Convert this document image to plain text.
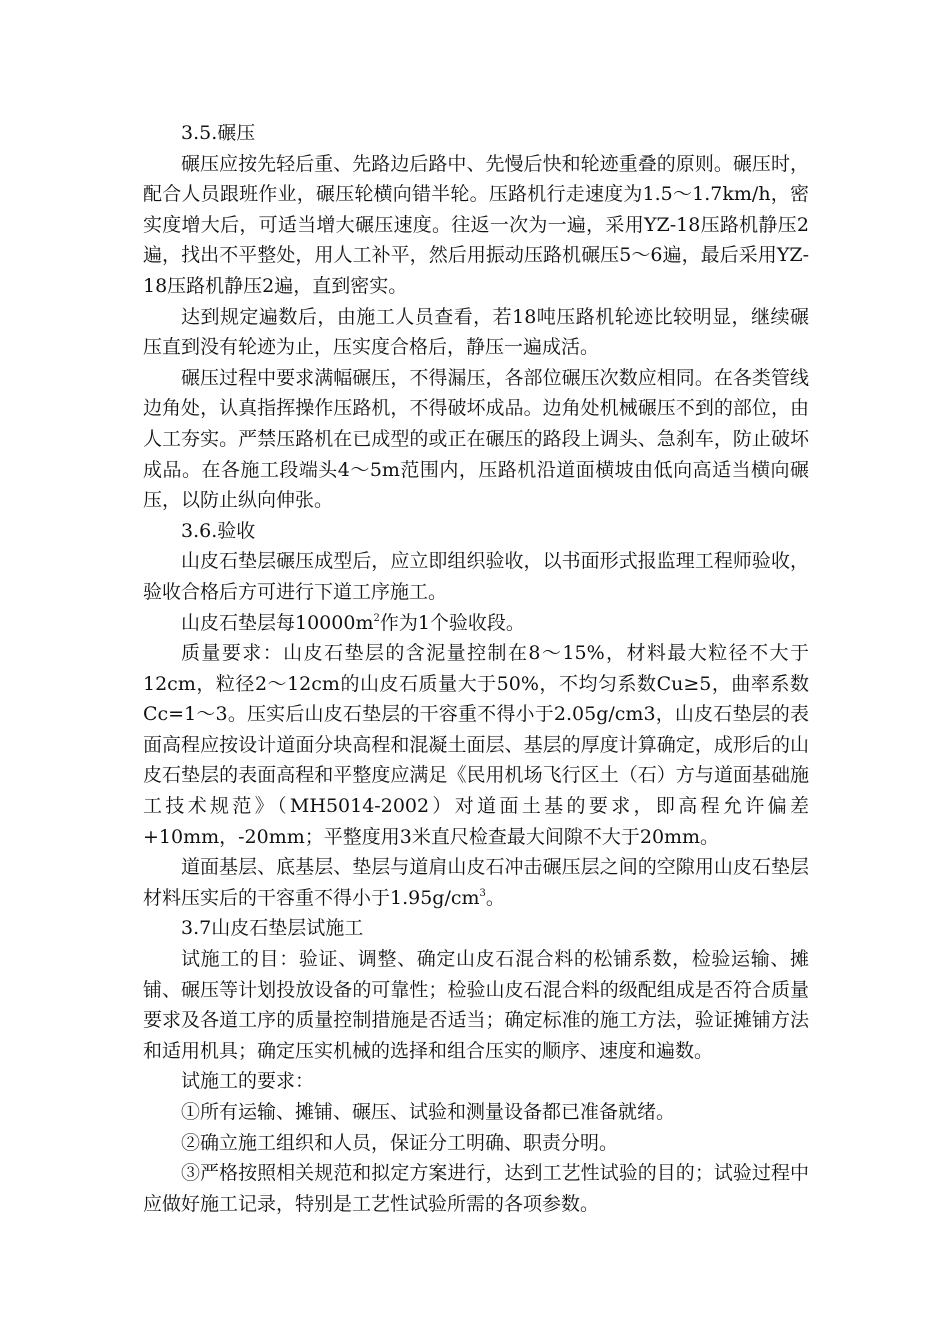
3.5.碾压

碾压应按先轻后重、先路边后路中、先慢后快和轮迹重叠的原则。碾压时，配合人员跟班作业，碾压轮横向错半轮。压路机行走速度为1.5～1.7km/h，密实度增大后，可适当增大碾压速度。往返一次为一遍，采用YZ-18压路机静压2遍，找出不平整处，用人工补平，然后用振动压路机碾压5～6遍，最后采用YZ-18压路机静压2遍，直到密实。

达到规定遍数后，由施工人员查看，若18吨压路机轮迹比较明显，继续碾压直到没有轮迹为止，压实度合格后，静压一遍成活。

碾压过程中要求满幅碾压，不得漏压，各部位碾压次数应相同。在各类管线边角处，认真指挥操作压路机，不得破坏成品。边角处机械碾压不到的部位，由人工夯实。严禁压路机在已成型的或正在碾压的路段上调头、急刹车，防止破坏成品。在各施工段端头4～5m范围内，压路机沿道面横坡由低向高适当横向碾压，以防止纵向伸张。

3.6.验收

山皮石垫层碾压成型后，应立即组织验收，以书面形式报监理工程师验收，验收合格后方可进行下道工序施工。

山皮石垫层每$10000m^2$作为1个验收段。

质量要求：山皮石垫层的含泥量控制在8～15%，材料最大粒径不大于12cm，粒径2～12cm的山皮石质量大于50%，不均匀系数Cu≥5，曲率系数Cc=1～3。压实后山皮石垫层的干容重不得小于2.05g/cm3，山皮石垫层的表面高程应按设计道面分块高程和混凝土面层、基层的厚度计算确定，成形后的山皮石垫层的表面高程和平整度应满足《民用机场飞行区土（石）方与道面基础施工技术规范》（MH5014-2002）对道面土基的要求，即高程允许偏差+10mm，-20mm；平整度用3米直尺检查最大间隙不大于20mm。

道面基层、底基层、垫层与道肩山皮石冲击碾压层之间的空隙用山皮石垫层材料压实后的干容重不得小于$1.95g/cm^3$。

3.7山皮石垫层试施工

试施工的目：验证、调整、确定山皮石混合料的松铺系数，检验运输、摊铺、碾压等计划投放设备的可靠性；检验山皮石混合料的级配组成是否符合质量要求及各道工序的质量控制措施是否适当；确定标准的施工方法，验证摊铺方法和适用机具；确定压实机械的选择和组合压实的顺序、速度和遍数。

试施工的要求：

①所有运输、摊铺、碾压、试验和测量设备都已准备就绪。

②确立施工组织和人员，保证分工明确、职责分明。

③严格按照相关规范和拟定方案进行，达到工艺性试验的目的；试验过程中应做好施工记录，特别是工艺性试验所需的各项参数。
